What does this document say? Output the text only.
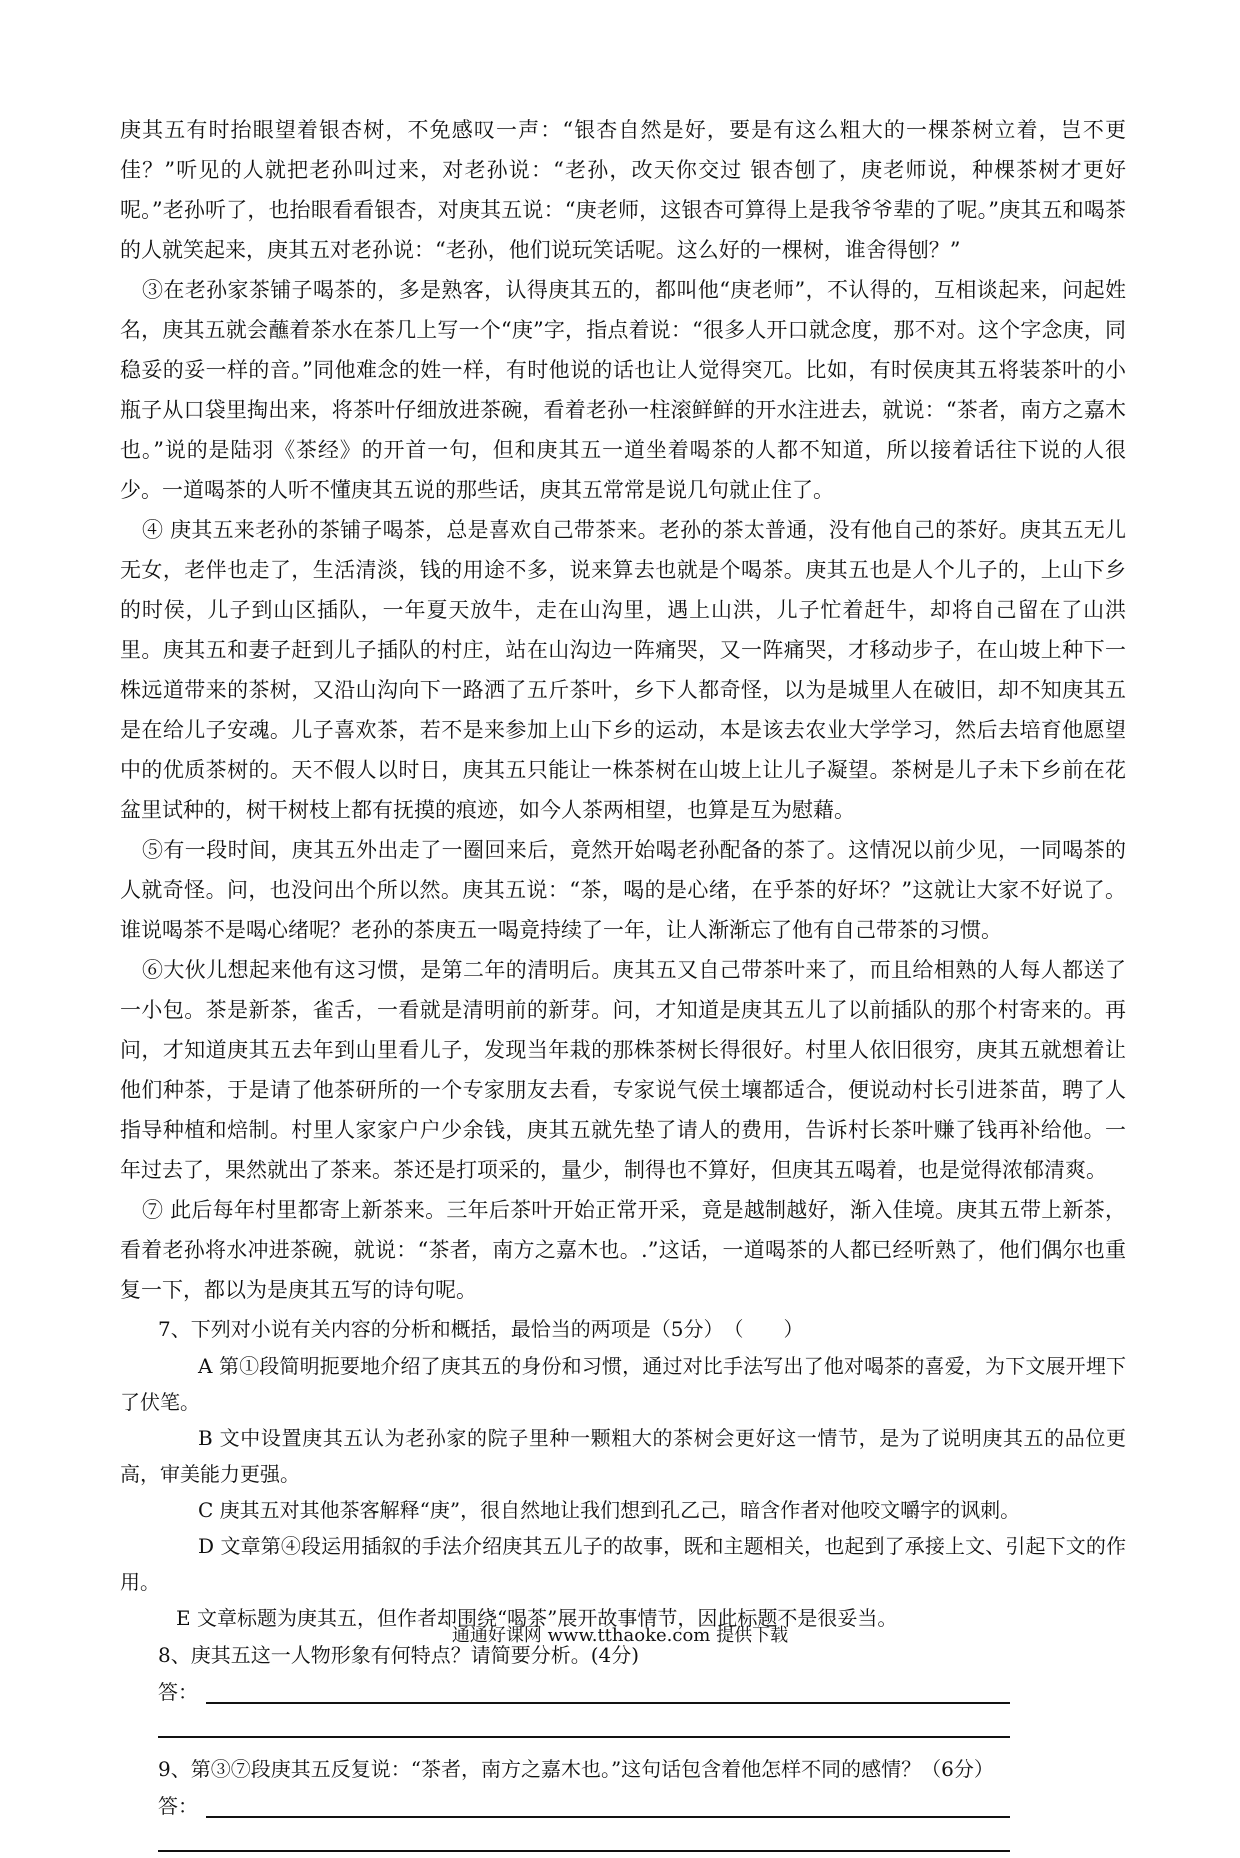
庚其五有时抬眼望着银杏树，不免感叹一声：“银杏自然是好，要是有这么粗大的一棵茶树立着，岂不更佳？”听见的人就把老孙叫过来，对老孙说：“老孙，改天你交过 银杏刨了，庚老师说，种棵茶树才更好呢。”老孙听了，也抬眼看看银杏，对庚其五说：“庚老师，这银杏可算得上是我爷爷辈的了呢。”庚其五和喝茶的人就笑起来，庚其五对老孙说：“老孙，他们说玩笑话呢。这么好的一棵树，谁舍得刨？”

③在老孙家茶铺子喝茶的，多是熟客，认得庚其五的，都叫他“庚老师”，不认得的，互相谈起来，问起姓名，庚其五就会蘸着茶水在茶几上写一个“庚”字，指点着说：“很多人开口就念度，那不对。这个字念庚，同稳妥的妥一样的音。”同他难念的姓一样，有时他说的话也让人觉得突兀。比如，有时侯庚其五将装茶叶的小瓶子从口袋里掏出来，将茶叶仔细放进茶碗，看着老孙一柱滚鲜鲜的开水注进去，就说：“茶者，南方之嘉木也。”说的是陆羽《茶经》的开首一句，但和庚其五一道坐着喝茶的人都不知道，所以接着话往下说的人很少。一道喝茶的人听不懂庚其五说的那些话，庚其五常常是说几句就止住了。

④ 庚其五来老孙的茶铺子喝茶，总是喜欢自己带茶来。老孙的茶太普通，没有他自己的茶好。庚其五无儿无女，老伴也走了，生活清淡，钱的用途不多，说来算去也就是个喝茶。庚其五也是人个儿子的，上山下乡的时侯，儿子到山区插队，一年夏天放牛，走在山沟里，遇上山洪，儿子忙着赶牛，却将自己留在了山洪里。庚其五和妻子赶到儿子插队的村庄，站在山沟边一阵痛哭，又一阵痛哭，才移动步子，在山坡上种下一株远道带来的茶树，又沿山沟向下一路洒了五斤茶叶，乡下人都奇怪，以为是城里人在破旧，却不知庚其五是在给儿子安魂。儿子喜欢茶，若不是来参加上山下乡的运动，本是该去农业大学学习，然后去培育他愿望中的优质茶树的。天不假人以时日，庚其五只能让一株茶树在山坡上让儿子凝望。茶树是儿子未下乡前在花盆里试种的，树干树枝上都有抚摸的痕迹，如今人茶两相望，也算是互为慰藉。

⑤有一段时间，庚其五外出走了一圈回来后，竟然开始喝老孙配备的茶了。这情况以前少见，一同喝茶的人就奇怪。问，也没问出个所以然。庚其五说：“茶，喝的是心绪，在乎茶的好坏？”这就让大家不好说了。谁说喝茶不是喝心绪呢？老孙的茶庚五一喝竟持续了一年，让人渐渐忘了他有自己带茶的习惯。

⑥大伙儿想起来他有这习惯，是第二年的清明后。庚其五又自己带茶叶来了，而且给相熟的人每人都送了一小包。茶是新茶，雀舌，一看就是清明前的新芽。问，才知道是庚其五儿了以前插队的那个村寄来的。再问，才知道庚其五去年到山里看儿子，发现当年栽的那株茶树长得很好。村里人依旧很穷，庚其五就想着让他们种茶，于是请了他茶研所的一个专家朋友去看，专家说气侯土壤都适合，便说动村长引进茶苗，聘了人指导种植和焙制。村里人家家户户少余钱，庚其五就先垫了请人的费用，告诉村长茶叶赚了钱再补给他。一年过去了，果然就出了茶来。茶还是打项采的，量少，制得也不算好，但庚其五喝着，也是觉得浓郁清爽。

⑦ 此后每年村里都寄上新茶来。三年后茶叶开始正常开采，竟是越制越好，渐入佳境。庚其五带上新茶，看着老孙将水冲进茶碗，就说：“茶者，南方之嘉木也。.”这话，一道喝茶的人都已经听熟了，他们偶尔也重复一下，都以为是庚其五写的诗句呢。

7、下列对小说有关内容的分析和概括，最恰当的两项是（5分）　（　　）

A 第①段简明扼要地介绍了庚其五的身份和习惯，通过对比手法写出了他对喝茶的喜爱，为下文展开埋下了伏笔。

B 文中设置庚其五认为老孙家的院子里种一颗粗大的茶树会更好这一情节，是为了说明庚其五的品位更高，审美能力更强。

C 庚其五对其他茶客解释“庚”，很自然地让我们想到孔乙己，暗含作者对他咬文嚼字的讽刺。

D 文章第④段运用插叙的手法介绍庚其五儿子的故事，既和主题相关，也起到了承接上文、引起下文的作用。

E 文章标题为庚其五，但作者却围绕“喝茶”展开故事情节，因此标题不是很妥当。

8、庚其五这一人物形象有何特点？请简要分析。(4分)

答：

9、第③⑦段庚其五反复说：“茶者，南方之嘉木也。”这句话包含着他怎样不同的感情？（6分）

答：
通通好课网 www.tthaoke.com 提供下载
